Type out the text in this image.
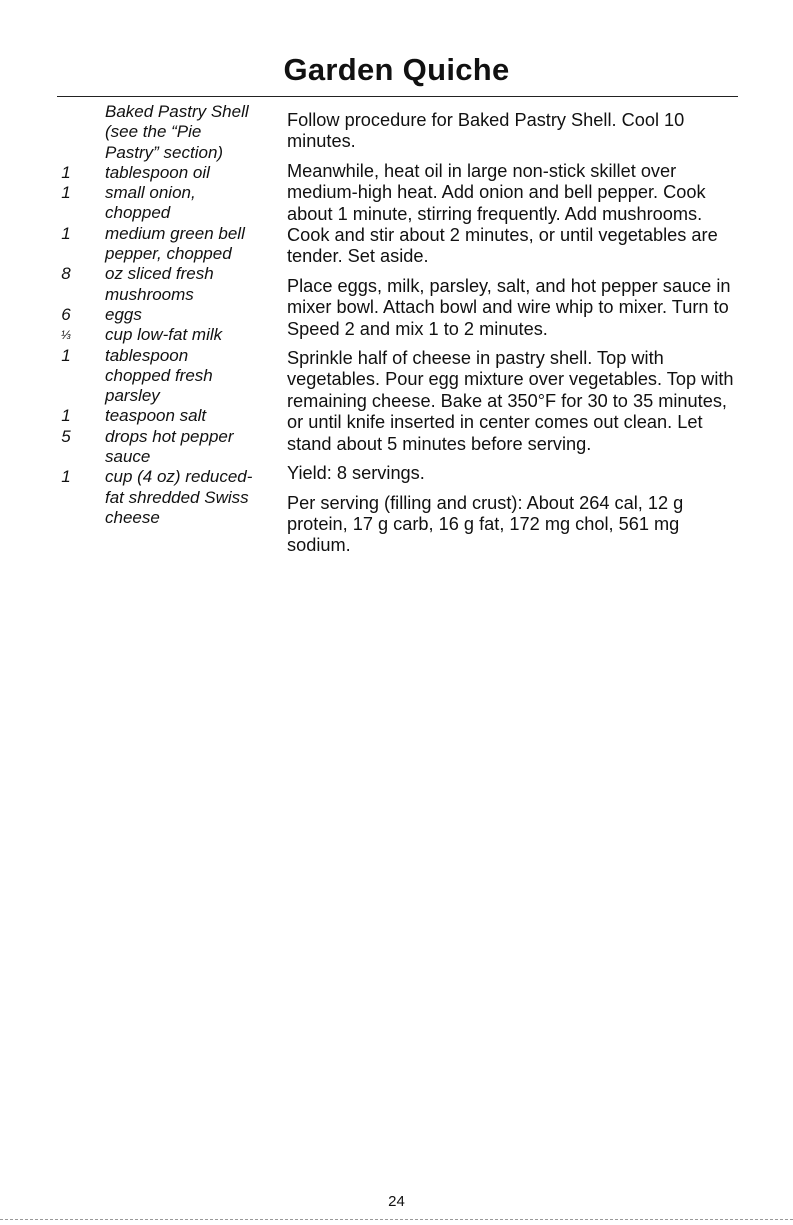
Garden Quiche
Baked Pastry Shell (see the “Pie Pastry” section)
1 tablespoon oil
1 small onion, chopped
1 medium green bell pepper, chopped
8 oz sliced fresh mushrooms
6 eggs
⅓ cup low-fat milk
1 tablespoon chopped fresh parsley
1 teaspoon salt
5 drops hot pepper sauce
1 cup (4 oz) reduced-fat shredded Swiss cheese

Follow procedure for Baked Pastry Shell. Cool 10 minutes.

Meanwhile, heat oil in large non-stick skillet over medium-high heat. Add onion and bell pepper. Cook about 1 minute, stirring frequently. Add mushrooms. Cook and stir about 2 minutes, or until vegetables are tender. Set aside.

Place eggs, milk, parsley, salt, and hot pepper sauce in mixer bowl. Attach bowl and wire whip to mixer. Turn to Speed 2 and mix 1 to 2 minutes.

Sprinkle half of cheese in pastry shell. Top with vegetables. Pour egg mixture over vegetables. Top with remaining cheese. Bake at 350°F for 30 to 35 minutes, or until knife inserted in center comes out clean. Let stand about 5 minutes before serving.

Yield: 8 servings.

Per serving (filling and crust): About 264 cal, 12 g protein, 17 g carb, 16 g fat, 172 mg chol, 561 mg sodium.

24
